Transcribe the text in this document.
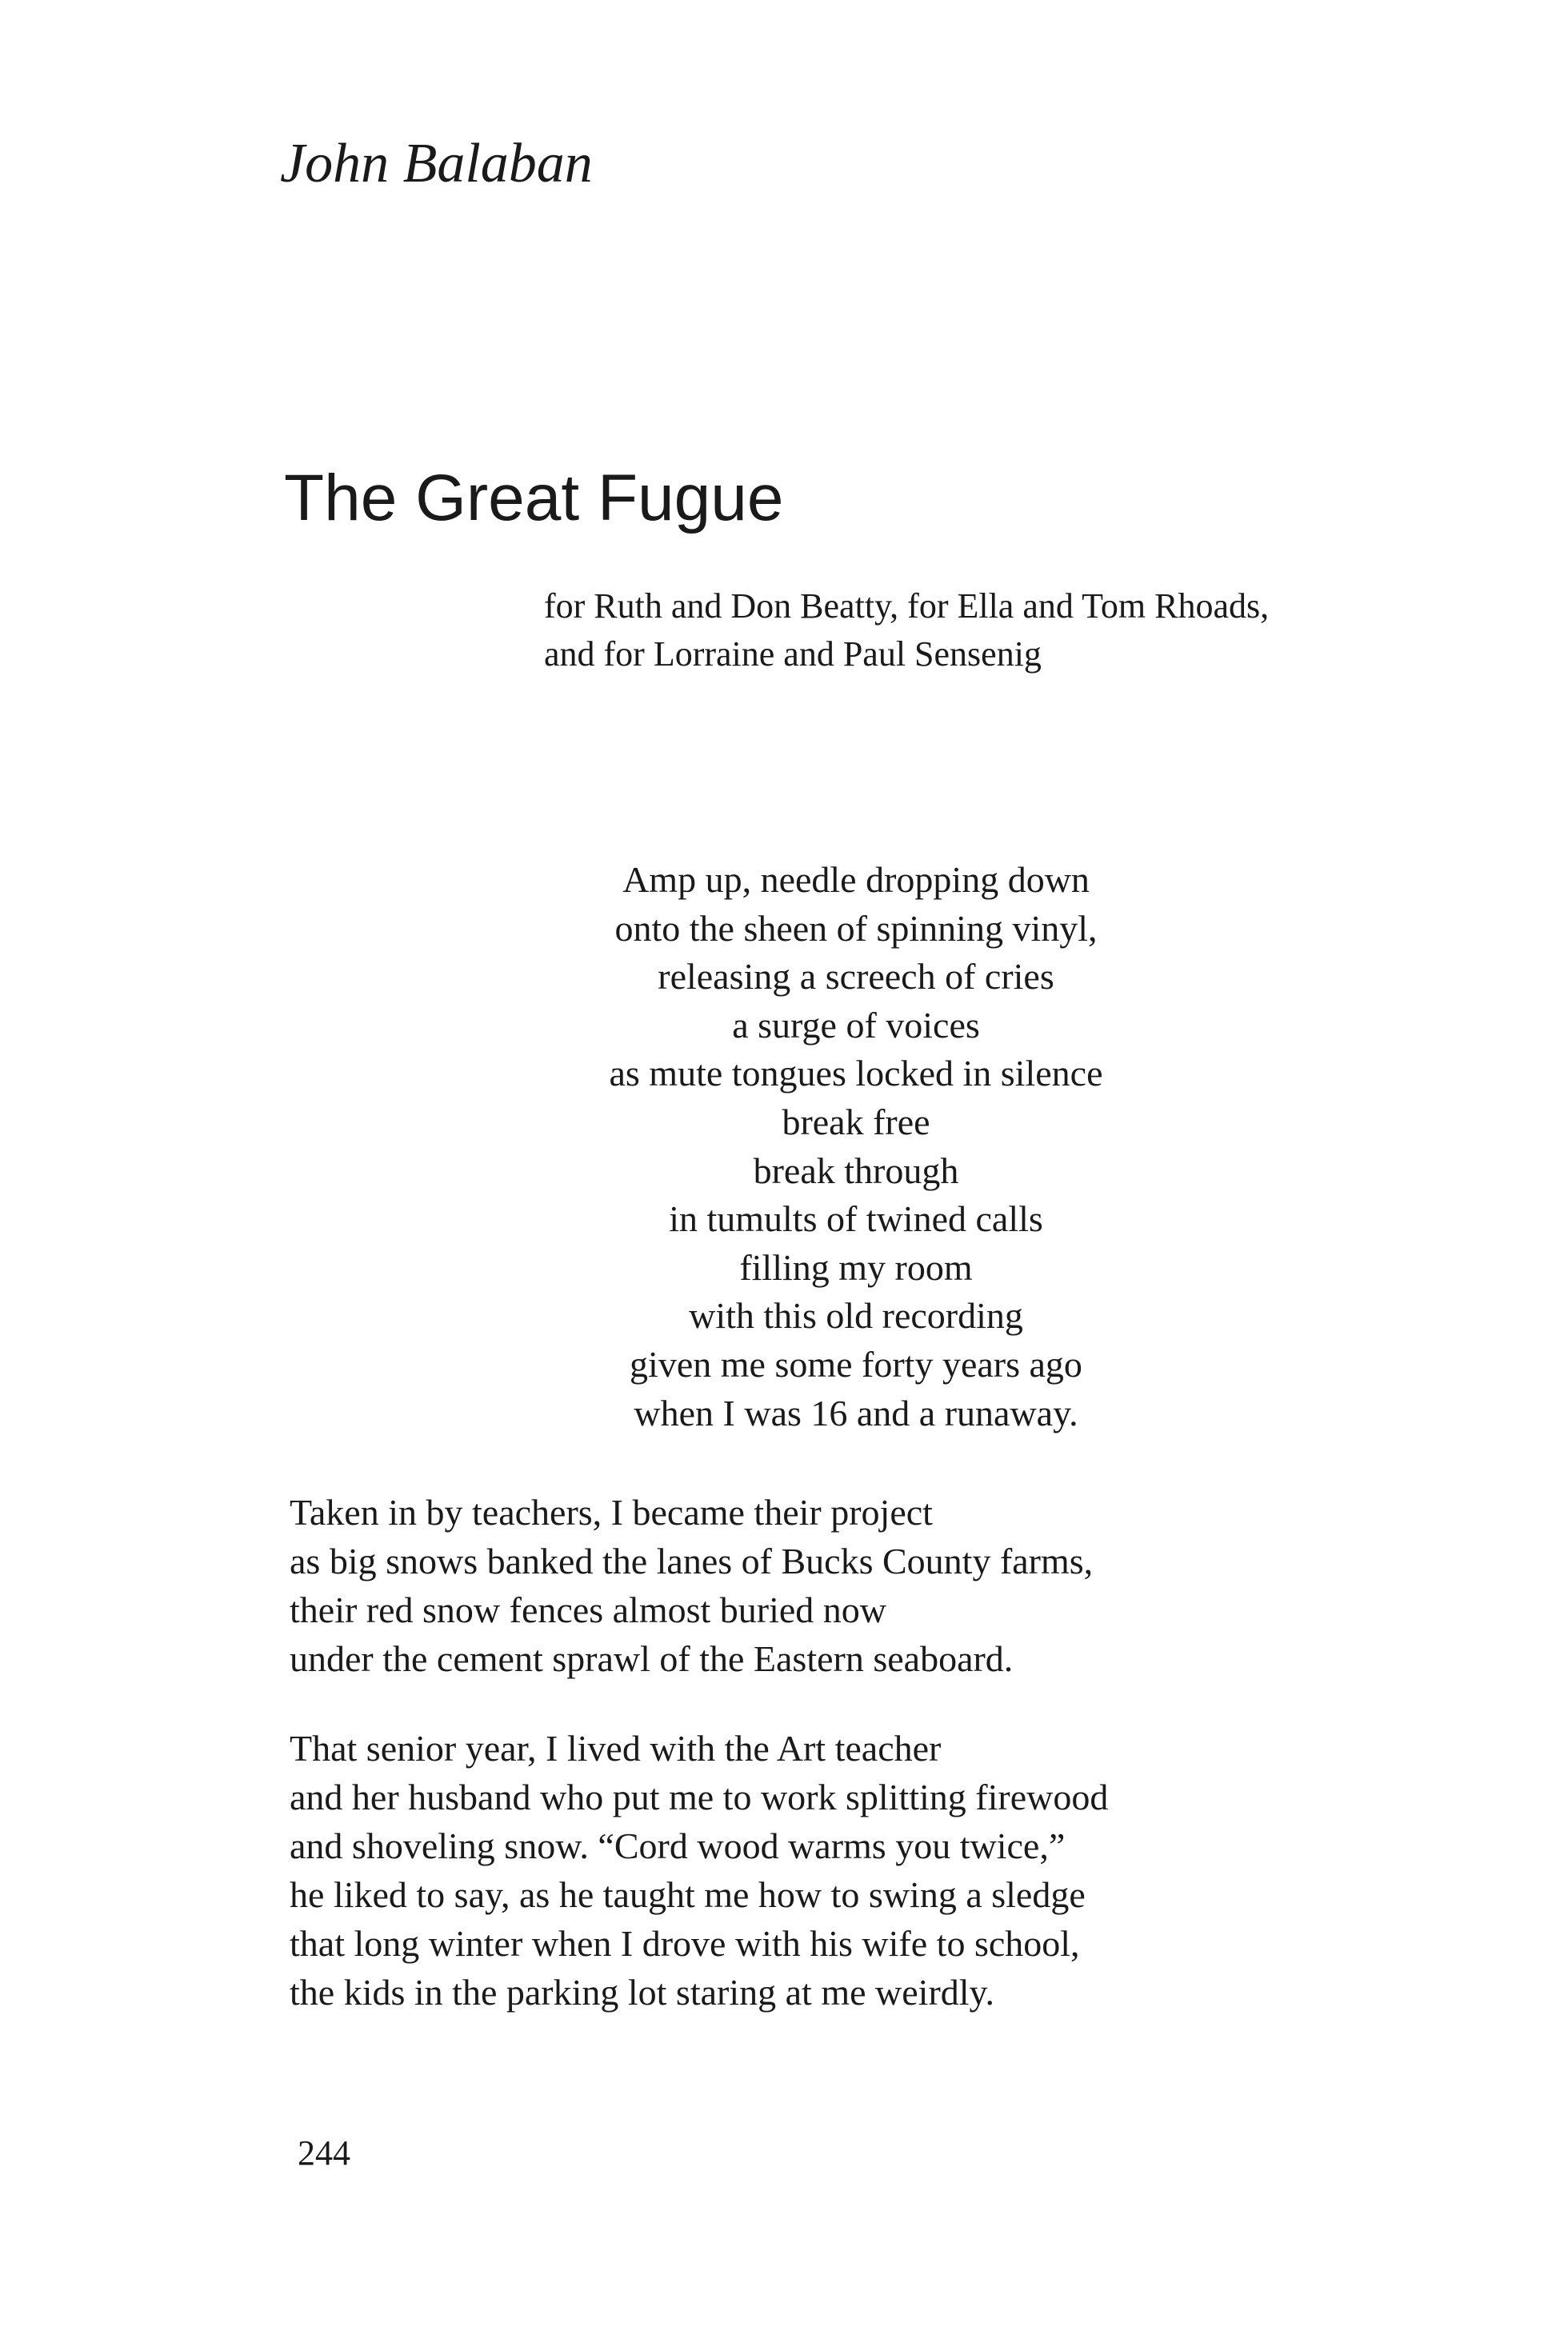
John Balaban
The Great Fugue
for Ruth and Don Beatty, for Ella and Tom Rhoads,
and for Lorraine and Paul Sensenig
Amp up, needle dropping down
onto the sheen of spinning vinyl,
releasing a screech of cries
a surge of voices
as mute tongues locked in silence
break free
break through
in tumults of twined calls
filling my room
with this old recording
given me some forty years ago
when I was 16 and a runaway.
Taken in by teachers, I became their project
as big snows banked the lanes of Bucks County farms,
their red snow fences almost buried now
under the cement sprawl of the Eastern seaboard.
That senior year, I lived with the Art teacher
and her husband who put me to work splitting firewood
and shoveling snow. “Cord wood warms you twice,”
he liked to say, as he taught me how to swing a sledge
that long winter when I drove with his wife to school,
the kids in the parking lot staring at me weirdly.
244
